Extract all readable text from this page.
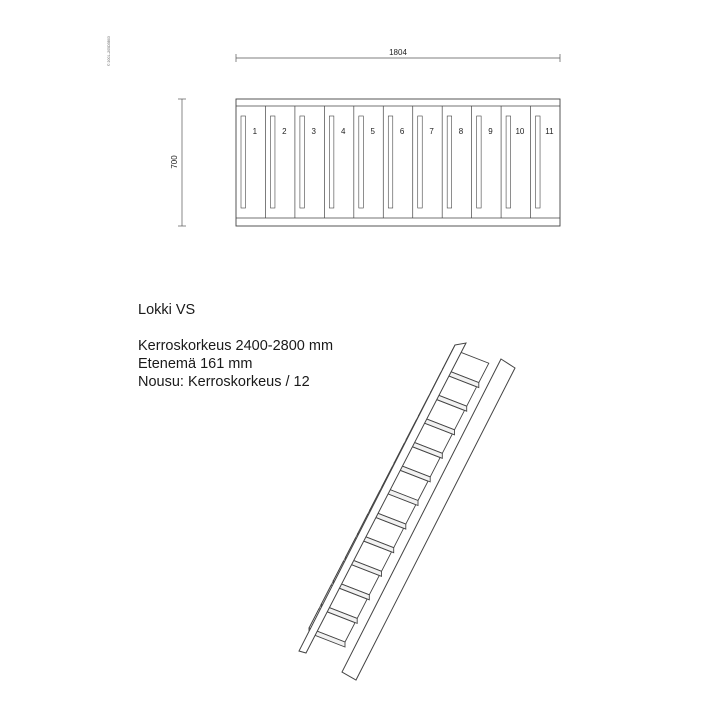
© 2001–205D3B03	1804
700
1	2	3	4	5	6	7	8	9	10	11
Lokki VS
Kerroskorkeus 2400-2800 mm
Etenemä 161 mm
Nousu: Kerroskorkeus / 12
